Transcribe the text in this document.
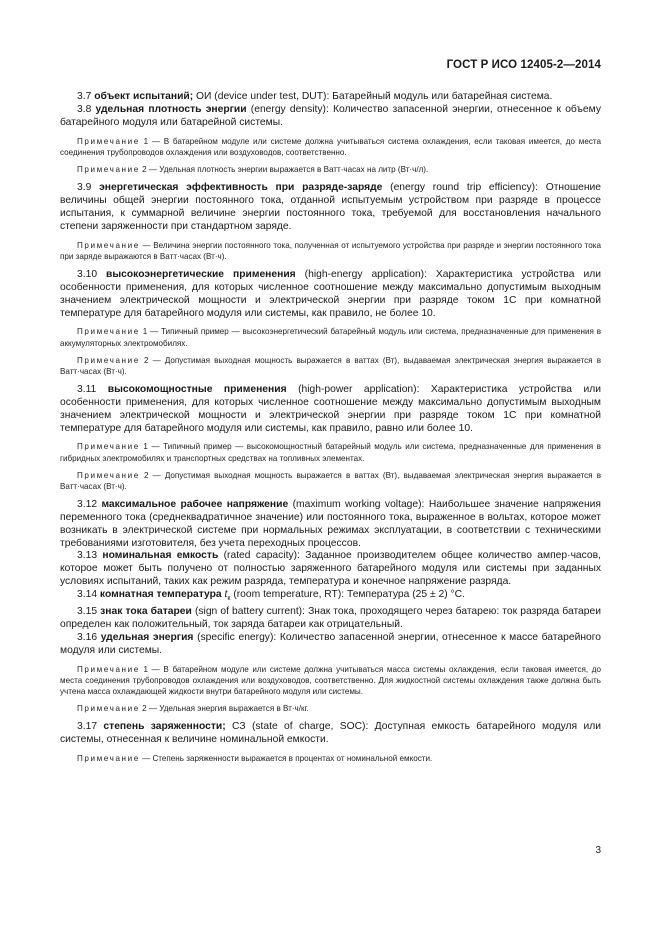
ГОСТ Р ИСО 12405-2—2014

3.7 объект испытаний; ОИ (device under test, DUT): Батарейный модуль или батарейная система.

3.8 удельная плотность энергии (energy density): Количество запасенной энергии, отнесенное к объему батарейного модуля или батарейной системы.

Примечание 1 — В батарейном модуле или системе должна учитываться система охлаждения, если таковая имеется, до места соединения трубопроводов охлаждения или воздуховодов, соответственно.

Примечание 2 — Удельная плотность энергии выражается в Ватт·часах на литр (Вт·ч/л).

3.9 энергетическая эффективность при разряде-заряде (energy round trip efficiency): Отношение величины общей энергии постоянного тока, отданной испытуемым устройством при разряде в процессе испытания, к суммарной величине энергии постоянного тока, требуемой для восстановления начального степени заряженности при стандартном заряде.

Примечание — Величина энергии постоянного тока, полученная от испытуемого устройства при разряде и энергии постоянного тока при заряде выражаются в Ватт·часах (Вт·ч).

3.10 высокоэнергетические применения (high-energy application): Характеристика устройства или особенности применения, для которых численное соотношение между максимально допустимым выходным значением электрической мощности и электрической энергии при разряде током 1С при комнатной температуре для батарейного модуля или системы, как правило, не более 10.

Примечание 1 — Типичный пример — высокоэнергетический батарейный модуль или система, предназначенные для применения в аккумуляторных электромобилях.

Примечание 2 — Допустимая выходная мощность выражается в ваттах (Вт), выдаваемая электрическая энергия выражается в Ватт·часах (Вт·ч).

3.11 высокомощностные применения (high-power application): Характеристика устройства или особенности применения, для которых численное соотношение между максимально допустимым выходным значением электрической мощности и электрической энергии при разряде током 1С при комнатной температуре для батарейного модуля или системы, как правило, равно или более 10.

Примечание 1 — Типичный пример — высокомощностный батарейный модуль или система, предназначенные для применения в гибридных электромобилях и транспортных средствах на топливных элементах.

Примечание 2 — Допустимая выходная мощность выражается в ваттах (Вт), выдаваемая электрическая энергия выражается в Ватт·часах (Вт·ч).

3.12 максимальное рабочее напряжение (maximum working voltage): Наибольшее значение напряжения переменного тока (среднеквадратичное значение) или постоянного тока, выраженное в вольтах, которое может возникать в электрической системе при нормальных режимах эксплуатации, в соответствии с техническими требованиями изготовителя, без учета переходных процессов.

3.13 номинальная емкость (rated capacity): Заданное производителем общее количество ампер·часов, которое может быть получено от полностью заряженного батарейного модуля или системы при заданных условиях испытаний, таких как режим разряда, температура и конечное напряжение разряда.

3.14 комнатная температура $t_к$ (room temperature, RT): Температура (25 ± 2) °С.

3.15 знак тока батареи (sign of battery current): Знак тока, проходящего через батарею: ток разряда батареи определен как положительный, ток заряда батареи как отрицательный.

3.16 удельная энергия (specific energy): Количество запасенной энергии, отнесенное к массе батарейного модуля или системы.

Примечание 1 — В батарейном модуле или системе должна учитываться масса системы охлаждения, если таковая имеется, до места соединения трубопроводов охлаждения или воздуховодов, соответственно. Для жидкостной системы охлаждения также должна быть учтена масса охлаждающей жидкости внутри батарейного модуля или системы.

Примечание 2 — Удельная энергия выражается в Вт·ч/кг.

3.17 степень заряженности; СЗ (state of charge, SOC): Доступная емкость батарейного модуля или системы, отнесенная к величине номинальной емкости.

Примечание — Степень заряженности выражается в процентах от номинальной емкости.

3
